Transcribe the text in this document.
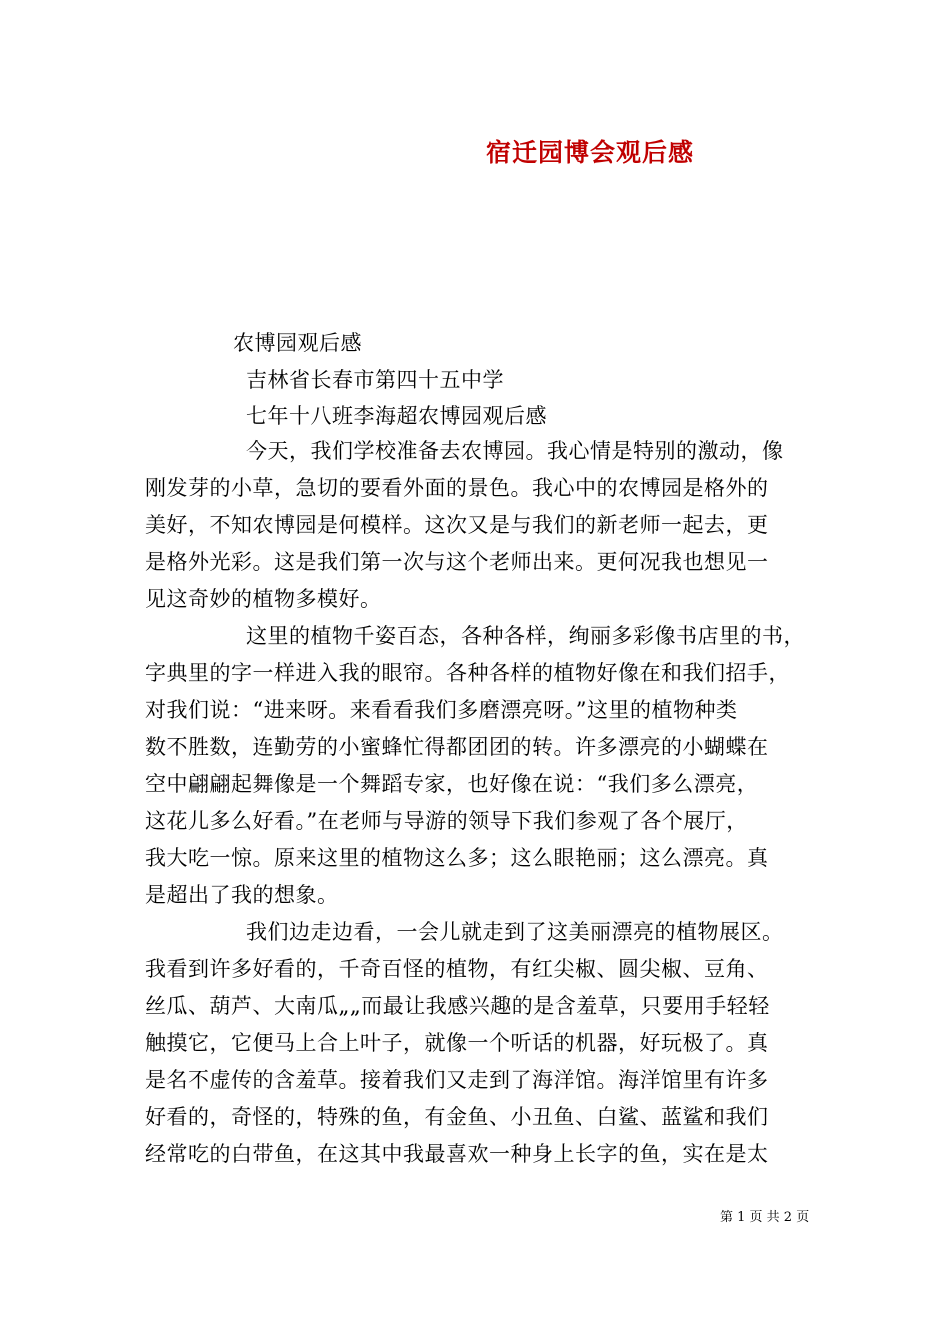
宿迁园博会观后感
农博园观后感
吉林省长春市第四十五中学
七年十八班李海超农博园观后感
今天，我们学校准备去农博园。我心情是特别的激动，像
刚发芽的小草，急切的要看外面的景色。我心中的农博园是格外的
美好，不知农博园是何模样。这次又是与我们的新老师一起去，更
是格外光彩。这是我们第一次与这个老师出来。更何况我也想见一
见这奇妙的植物多模好。
这里的植物千姿百态，各种各样，绚丽多彩像书店里的书，
字典里的字一样进入我的眼帘。各种各样的植物好像在和我们招手，
对我们说：“进来呀。来看看我们多磨漂亮呀。”这里的植物种类
数不胜数，连勤劳的小蜜蜂忙得都团团的转。许多漂亮的小蝴蝶在
空中翩翩起舞像是一个舞蹈专家，也好像在说：“我们多么漂亮，
这花儿多么好看。”在老师与导游的领导下我们参观了各个展厅，
我大吃一惊。原来这里的植物这么多；这么眼艳丽；这么漂亮。真
是超出了我的想象。
我们边走边看，一会儿就走到了这美丽漂亮的植物展区。
我看到许多好看的，千奇百怪的植物，有红尖椒、圆尖椒、豆角、
丝瓜、葫芦、大南瓜„„而最让我感兴趣的是含羞草，只要用手轻轻
触摸它，它便马上合上叶子，就像一个听话的机器，好玩极了。真
是名不虚传的含羞草。接着我们又走到了海洋馆。海洋馆里有许多
好看的，奇怪的，特殊的鱼，有金鱼、小丑鱼、白鲨、蓝鲨和我们
经常吃的白带鱼，在这其中我最喜欢一种身上长字的鱼，实在是太
第 1 页 共 2 页
